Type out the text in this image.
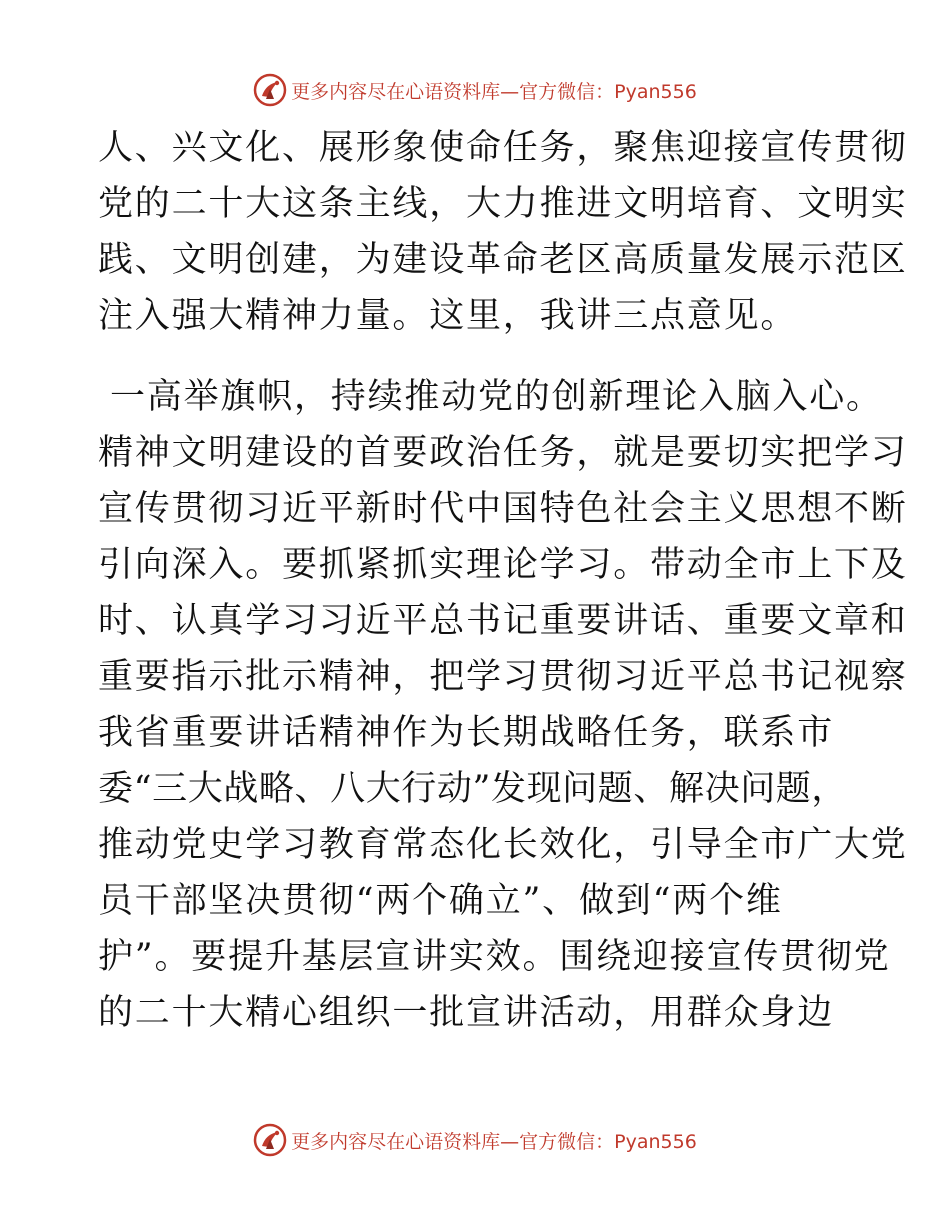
更多内容尽在心语资料库—官方微信：Pyan556
人、兴文化、展形象使命任务，聚焦迎接宣传贯彻
党的二十大这条主线，大力推进文明培育、文明实
践、文明创建，为建设革命老区高质量发展示范区
注入强大精神力量。这里，我讲三点意见。
一高举旗帜，持续推动党的创新理论入脑入心。
精神文明建设的首要政治任务，就是要切实把学习
宣传贯彻习近平新时代中国特色社会主义思想不断
引向深入。要抓紧抓实理论学习。带动全市上下及
时、认真学习习近平总书记重要讲话、重要文章和
重要指示批示精神，把学习贯彻习近平总书记视察
我省重要讲话精神作为长期战略任务，联系市
委“三大战略、八大行动”发现问题、解决问题，
推动党史学习教育常态化长效化，引导全市广大党
员干部坚决贯彻“两个确立”、做到“两个维
护”。要提升基层宣讲实效。围绕迎接宣传贯彻党
的二十大精心组织一批宣讲活动，用群众身边
更多内容尽在心语资料库—官方微信：Pyan556
